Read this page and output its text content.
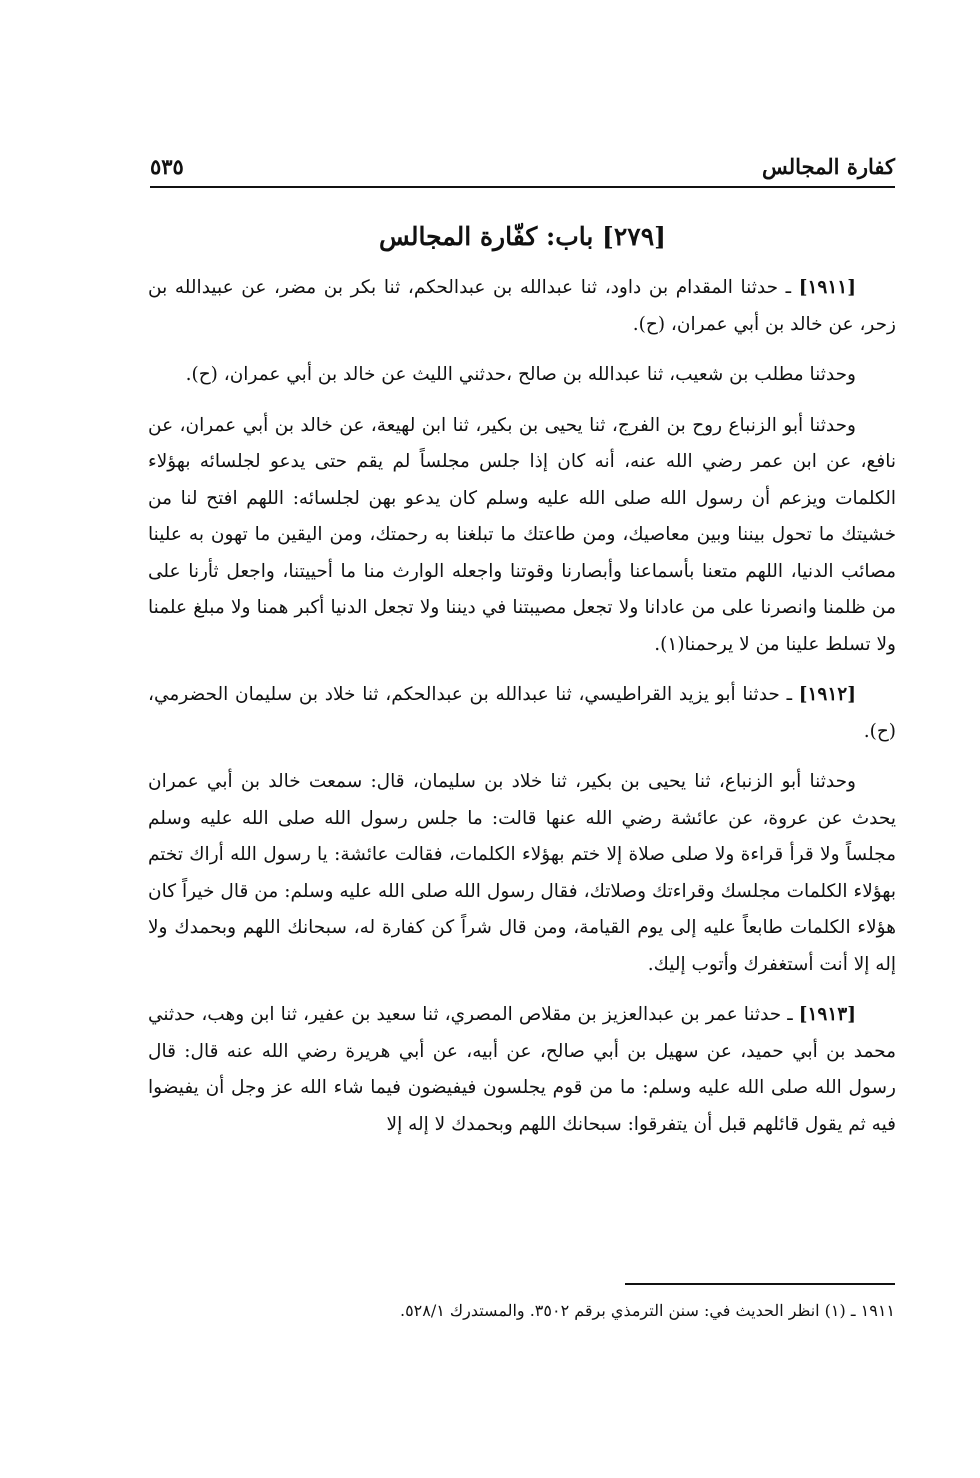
٥٣٥	كفارة المجالس
[٢٧٩] باب: كفّارة المجالس

[١٩١١] ـ حدثنا المقدام بن داود، ثنا عبدالله بن عبدالحكم، ثنا بكر بن مضر، عن عبيدالله بن زحر، عن خالد بن أبي عمران، (ح).

وحدثنا مطلب بن شعيب، ثنا عبدالله بن صالح ،حدثني الليث عن خالد بن أبي عمران، (ح).

وحدثنا أبو الزنباع روح بن الفرج، ثنا يحيى بن بكير، ثنا ابن لهيعة، عن خالد بن أبي عمران، عن نافع، عن ابن عمر رضي الله عنه، أنه كان إذا جلس مجلساً لم يقم حتى يدعو لجلسائه بهؤلاء الكلمات ويزعم أن رسول الله صلى الله عليه وسلم كان يدعو بهن لجلسائه: اللهم افتح لنا من خشيتك ما تحول بيننا وبين معاصيك، ومن طاعتك ما تبلغنا به رحمتك، ومن اليقين ما تهون به علينا مصائب الدنيا، اللهم متعنا بأسماعنا وأبصارنا وقوتنا واجعله الوارث منا ما أحييتنا، واجعل ثأرنا على من ظلمنا وانصرنا على من عادانا ولا تجعل مصيبتنا في ديننا ولا تجعل الدنيا أكبر همنا ولا مبلغ علمنا ولا تسلط علينا من لا يرحمنا(١).

[١٩١٢] ـ حدثنا أبو يزيد القراطيسي، ثنا عبدالله بن عبدالحكم، ثنا خلاد بن سليمان الحضرمي، (ح).

وحدثنا أبو الزنباع، ثنا يحيى بن بكير، ثنا خلاد بن سليمان، قال: سمعت خالد بن أبي عمران يحدث عن عروة، عن عائشة رضي الله عنها قالت: ما جلس رسول الله صلى الله عليه وسلم مجلساً ولا قرأ قراءة ولا صلى صلاة إلا ختم بهؤلاء الكلمات، فقالت عائشة: يا رسول الله أراك تختم بهؤلاء الكلمات مجلسك وقراءتك وصلاتك، فقال رسول الله صلى الله عليه وسلم: من قال خيراً كان هؤلاء الكلمات طابعاً عليه إلى يوم القيامة، ومن قال شراً كن كفارة له، سبحانك اللهم وبحمدك ولا إله إلا أنت أستغفرك وأتوب إليك.

[١٩١٣] ـ حدثنا عمر بن عبدالعزيز بن مقلاص المصري، ثنا سعيد بن عفير، ثنا ابن وهب، حدثني محمد بن أبي حميد، عن سهيل بن أبي صالح، عن أبيه، عن أبي هريرة رضي الله عنه قال: قال رسول الله صلى الله عليه وسلم: ما من قوم يجلسون فيفيضون فيما شاء الله عز وجل أن يفيضوا فيه ثم يقول قائلهم قبل أن يتفرقوا: سبحانك اللهم وبحمدك لا إله إلا

١٩١١ ـ (١) انظر الحديث في: سنن الترمذي برقم ٣٥٠٢. والمستدرك ٥٢٨/١.
